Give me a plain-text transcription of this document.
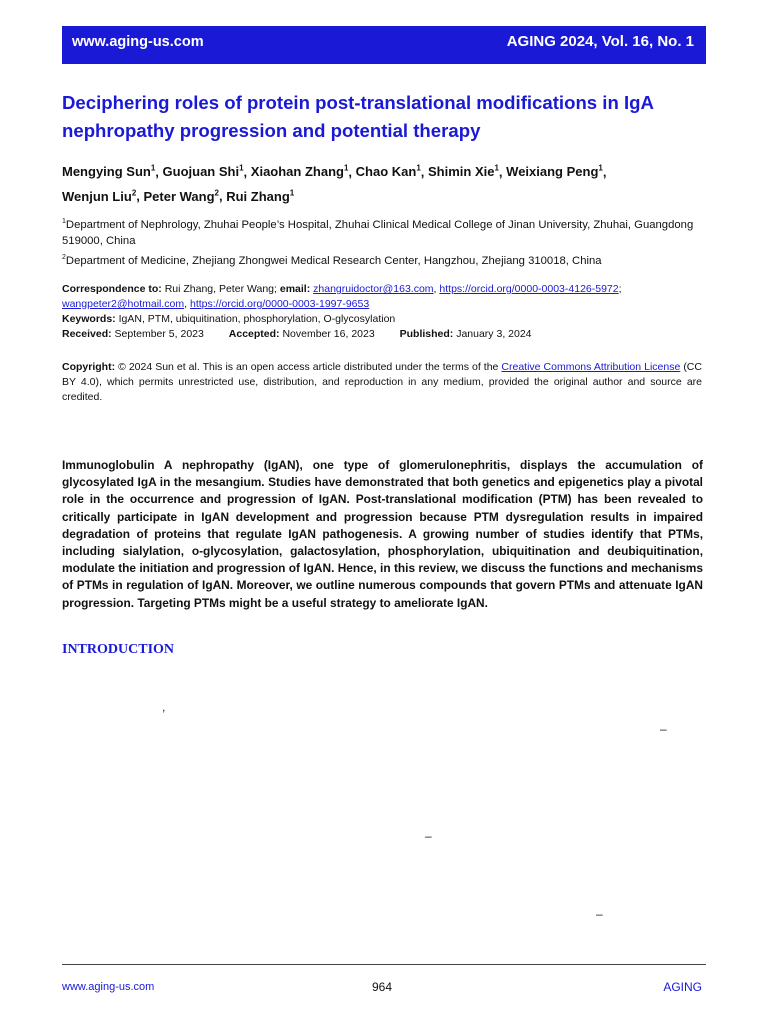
www.aging-us.com	AGING 2024, Vol. 16, No. 1
Deciphering roles of protein post-translational modifications in IgA nephropathy progression and potential therapy
Mengying Sun$^1$, Guojuan Shi$^1$, Xiaohan Zhang$^1$, Chao Kan$^1$, Shimin Xie$^1$, Weixiang Peng$^1$,
Wenjun Liu$^2$, Peter Wang$^2$, Rui Zhang$^1$
$^1$Department of Nephrology, Zhuhai People’s Hospital, Zhuhai Clinical Medical College of Jinan University, Zhuhai, Guangdong 519000, China
$^2$Department of Medicine, Zhejiang Zhongwei Medical Research Center, Hangzhou, Zhejiang 310018, China
Correspondence to: Rui Zhang, Peter Wang; email: zhangruidoctor@163.com, https://orcid.org/0000-0003-4126-5972;
wangpeter2@hotmail.com, https://orcid.org/0000-0003-1997-9653
Keywords: IgAN, PTM, ubiquitination, phosphorylation, O-glycosylation
Received: September 5, 2023 Accepted: November 16, 2023 Published: January 3, 2024
Copyright: © 2024 Sun et al. This is an open access article distributed under the terms of the Creative Commons Attribution License (CC BY 4.0), which permits unrestricted use, distribution, and reproduction in any medium, provided the original author and source are credited.
Immunoglobulin A nephropathy (IgAN), one type of glomerulonephritis, displays the accumulation of glycosylated IgA in the mesangium. Studies have demonstrated that both genetics and epigenetics play a pivotal role in the occurrence and progression of IgAN. Post-translational modification (PTM) has been revealed to critically participate in IgAN development and progression because PTM dysregulation results in impaired degradation of proteins that regulate IgAN pathogenesis. A growing number of studies identify that PTMs, including sialylation, o-glycosylation, galactosylation, phosphorylation, ubiquitination and deubiquitination, modulate the initiation and progression of IgAN. Hence, in this review, we discuss the functions and mechanisms of PTMs in regulation of IgAN. Moreover, we outline numerous compounds that govern PTMs and attenuate IgAN progression. Targeting PTMs might be a useful strategy to ameliorate IgAN.
INTRODUCTION
,
–
–
–
www.aging-us.com	964	AGING
